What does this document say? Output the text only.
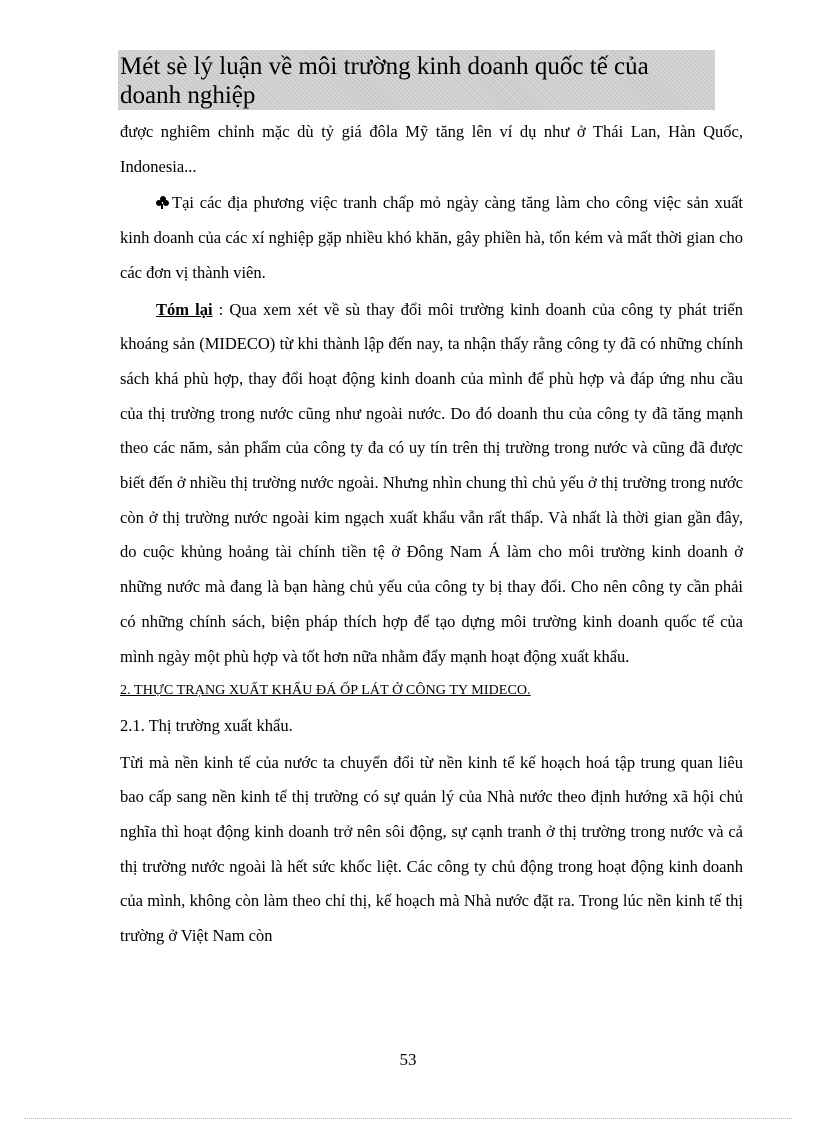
Mét sè lý luận về môi trường kinh doanh quốc tế của doanh nghiệp

được nghiêm chỉnh mặc dù tỷ giá đôla Mỹ tăng lên ví dụ như ở Thái Lan, Hàn Quốc, Indonesia...

Tại các địa phương việc tranh chấp mỏ ngày càng tăng làm cho công việc sản xuất kinh doanh của các xí nghiệp gặp nhiều khó khăn, gây phiền hà, tốn kém và mất thời gian cho các đơn vị thành viên.

Tóm lại : Qua xem xét về sù thay đổi môi trường kinh doanh của công ty phát triển khoáng sản (MIDECO) từ khi thành lập đến nay, ta nhận thấy rằng công ty đã có những chính sách khá phù hợp, thay đổi hoạt động kinh doanh của mình để phù hợp và đáp ứng nhu cầu của thị trường trong nước cũng như ngoài nước. Do đó doanh thu của công ty đã tăng mạnh theo các năm, sản phẩm của công ty đa có uy tín trên thị trường trong nước và cũng đã được biết đến ở nhiều thị trường nước ngoài. Nhưng nhìn chung thì chủ yếu ở thị trường trong nước còn ở thị trường nước ngoài kim ngạch xuất khẩu vẫn rất thấp. Và nhất là thời gian gần đây, do cuộc khủng hoảng tài chính tiền tệ ở Đông Nam Á làm cho môi trường kinh doanh ở những nước mà đang là bạn hàng chủ yếu của công ty bị thay đổi. Cho nên công ty cần phải có những chính sách, biện pháp thích hợp để tạo dựng môi trường kinh doanh quốc tế của mình ngày một phù hợp và tốt hơn nữa nhằm đẩy mạnh hoạt động xuất khẩu.

2. THỰC TRẠNG XUẤT KHẨU ĐÁ ỐP LÁT Ở CÔNG TY MIDECO.

2.1. Thị trường xuất khẩu.

Từi mà nền kinh tế của nước ta chuyển đổi từ nền kinh tế kế hoạch hoá tập trung quan liêu bao cấp sang nền kinh tế thị trường có sự quản lý của Nhà nước theo định hướng xã hội chủ nghĩa thì hoạt động kinh doanh trở nên sôi động, sự cạnh tranh ở thị trường trong nước và cả thị trường nước ngoài là hết sức khốc liệt. Các công ty chủ động trong hoạt động kinh doanh của mình, không còn làm theo chỉ thị, kế hoạch mà Nhà nước đặt ra. Trong lúc nền kinh tế thị trường ở Việt Nam còn

53
